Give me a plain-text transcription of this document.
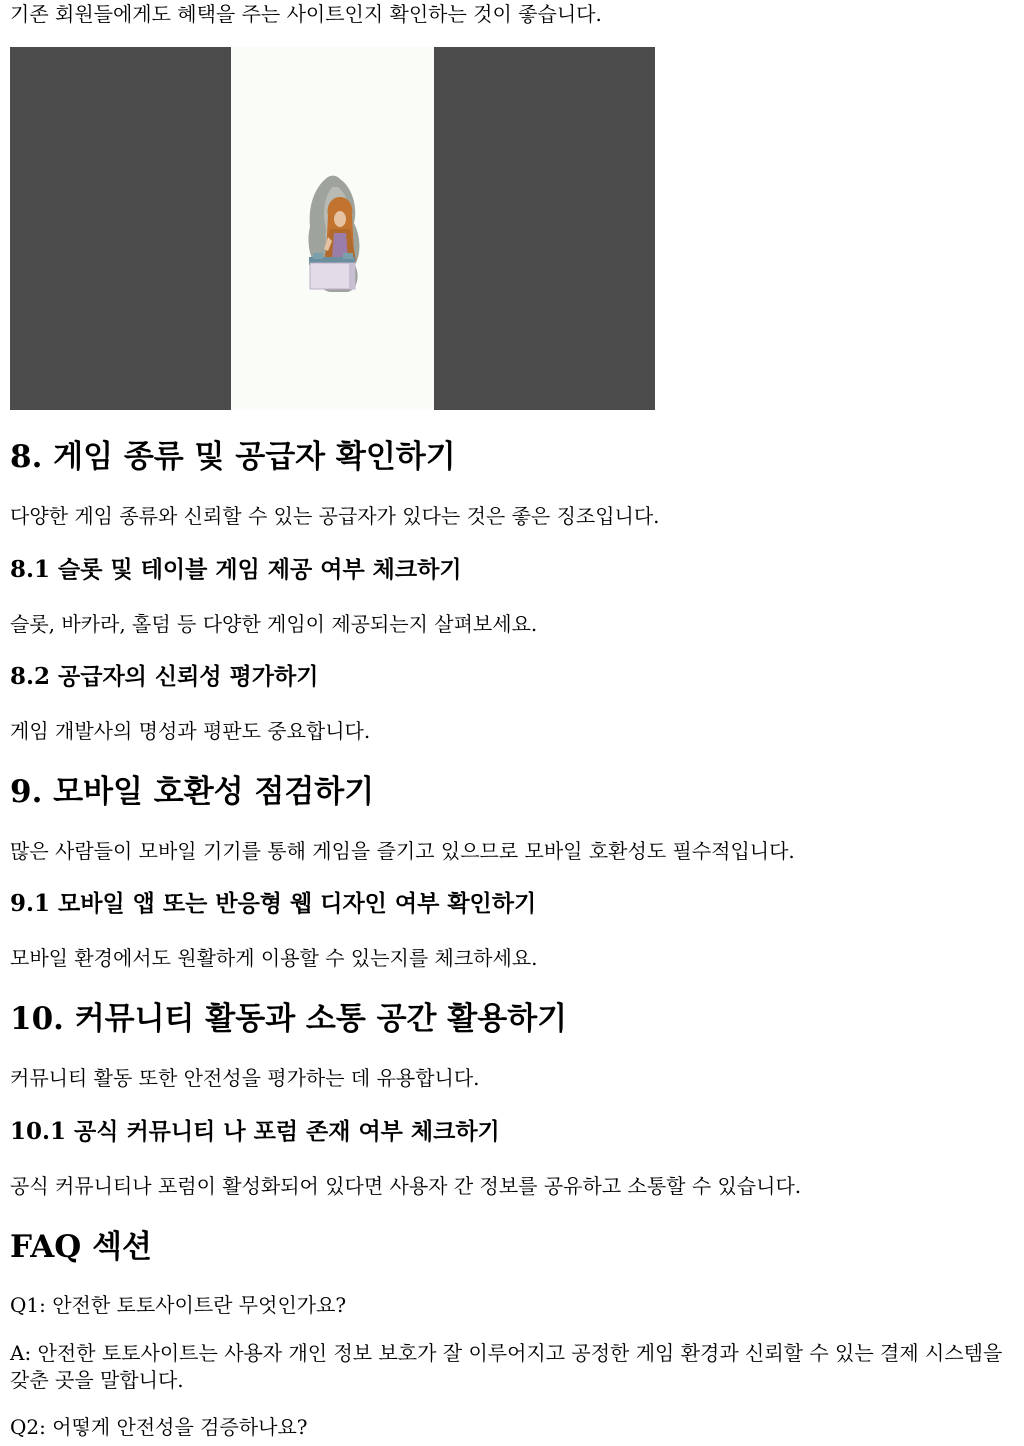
기존 회원들에게도 혜택을 주는 사이트인지 확인하는 것이 좋습니다.

8. 게임 종류 및 공급자 확인하기

다양한 게임 종류와 신뢰할 수 있는 공급자가 있다는 것은 좋은 징조입니다.

8.1 슬롯 및 테이블 게임 제공 여부 체크하기

슬롯, 바카라, 홀덤 등 다양한 게임이 제공되는지 살펴보세요.

8.2 공급자의 신뢰성 평가하기

게임 개발사의 명성과 평판도 중요합니다.

9. 모바일 호환성 점검하기

많은 사람들이 모바일 기기를 통해 게임을 즐기고 있으므로 모바일 호환성도 필수적입니다.

9.1 모바일 앱 또는 반응형 웹 디자인 여부 확인하기

모바일 환경에서도 원활하게 이용할 수 있는지를 체크하세요.

10. 커뮤니티 활동과 소통 공간 활용하기

커뮤니티 활동 또한 안전성을 평가하는 데 유용합니다.

10.1 공식 커뮤니티 나 포럼 존재 여부 체크하기

공식 커뮤니티나 포럼이 활성화되어 있다면 사용자 간 정보를 공유하고 소통할 수 있습니다.

FAQ 섹션

Q1: 안전한 토토사이트란 무엇인가요?

A: 안전한 토토사이트는 사용자 개인 정보 보호가 잘 이루어지고 공정한 게임 환경과 신뢰할 수 있는 결제 시스템을 갖춘 곳을 말합니다.

Q2: 어떻게 안전성을 검증하나요?
